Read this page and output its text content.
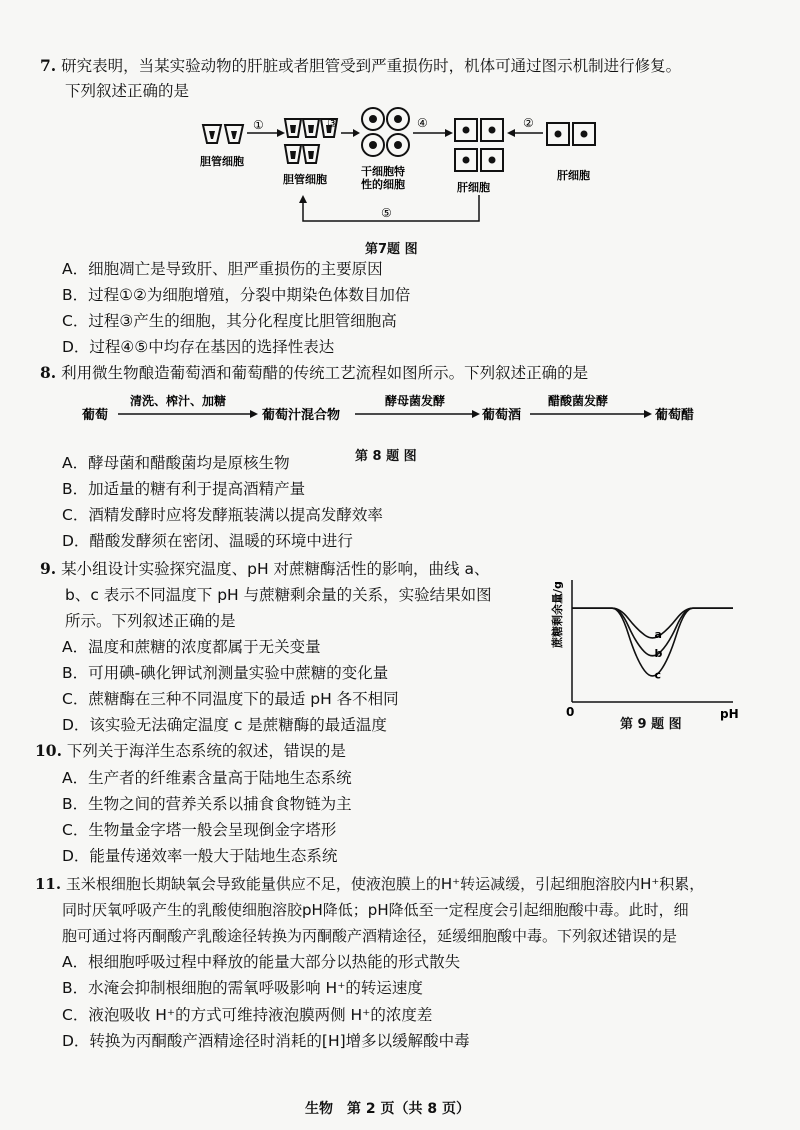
7. 研究表明，当某实验动物的肝脏或者胆管受到严重损伤时，机体可通过图示机制进行修复。
下列叙述正确的是
胆管细胞
①
胆管细胞
③
干细胞特
性的细胞
④
肝细胞
②
肝细胞
⑤
第7题 图
A．细胞凋亡是导致肝、胆严重损伤的主要原因
B．过程①②为细胞增殖，分裂中期染色体数目加倍
C．过程③产生的细胞，其分化程度比胆管细胞高
D．过程④⑤中均存在基因的选择性表达
8. 利用微生物酿造葡萄酒和葡萄醋的传统工艺流程如图所示。下列叙述正确的是
葡萄
清洗、榨汁、加糖
葡萄汁混合物
酵母菌发酵
葡萄酒
醋酸菌发酵
葡萄醋
第 8 题 图
A．酵母菌和醋酸菌均是原核生物
B．加适量的糖有利于提高酒精产量
C．酒精发酵时应将发酵瓶装满以提高发酵效率
D．醋酸发酵须在密闭、温暖的环境中进行
9. 某小组设计实验探究温度、pH 对蔗糖酶活性的影响，曲线 a、
b、c 表示不同温度下 pH 与蔗糖剩余量的关系，实验结果如图
所示。下列叙述正确的是
A．温度和蔗糖的浓度都属于无关变量
B．可用碘-碘化钾试剂测量实验中蔗糖的变化量
C．蔗糖酶在三种不同温度下的最适 pH 各不相同
D．该实验无法确定温度 c 是蔗糖酶的最适温度
蔗糖剩余量/g
0	pH
a
b
c
第 9 题 图
10. 下列关于海洋生态系统的叙述，错误的是
A．生产者的纤维素含量高于陆地生态系统
B．生物之间的营养关系以捕食食物链为主
C．生物量金字塔一般会呈现倒金字塔形
D．能量传递效率一般大于陆地生态系统
11. 玉米根细胞长期缺氧会导致能量供应不足，使液泡膜上的H⁺转运减缓，引起细胞溶胶内H⁺积累，
同时厌氧呼吸产生的乳酸使细胞溶胶pH降低；pH降低至一定程度会引起细胞酸中毒。此时，细
胞可通过将丙酮酸产乳酸途径转换为丙酮酸产酒精途径，延缓细胞酸中毒。下列叙述错误的是
A．根细胞呼吸过程中释放的能量大部分以热能的形式散失
B．水淹会抑制根细胞的需氧呼吸影响 H⁺的转运速度
C．液泡吸收 H⁺的方式可维持液泡膜两侧 H⁺的浓度差
D．转换为丙酮酸产酒精途径时消耗的[H]增多以缓解酸中毒
生物　第 2 页（共 8 页）
